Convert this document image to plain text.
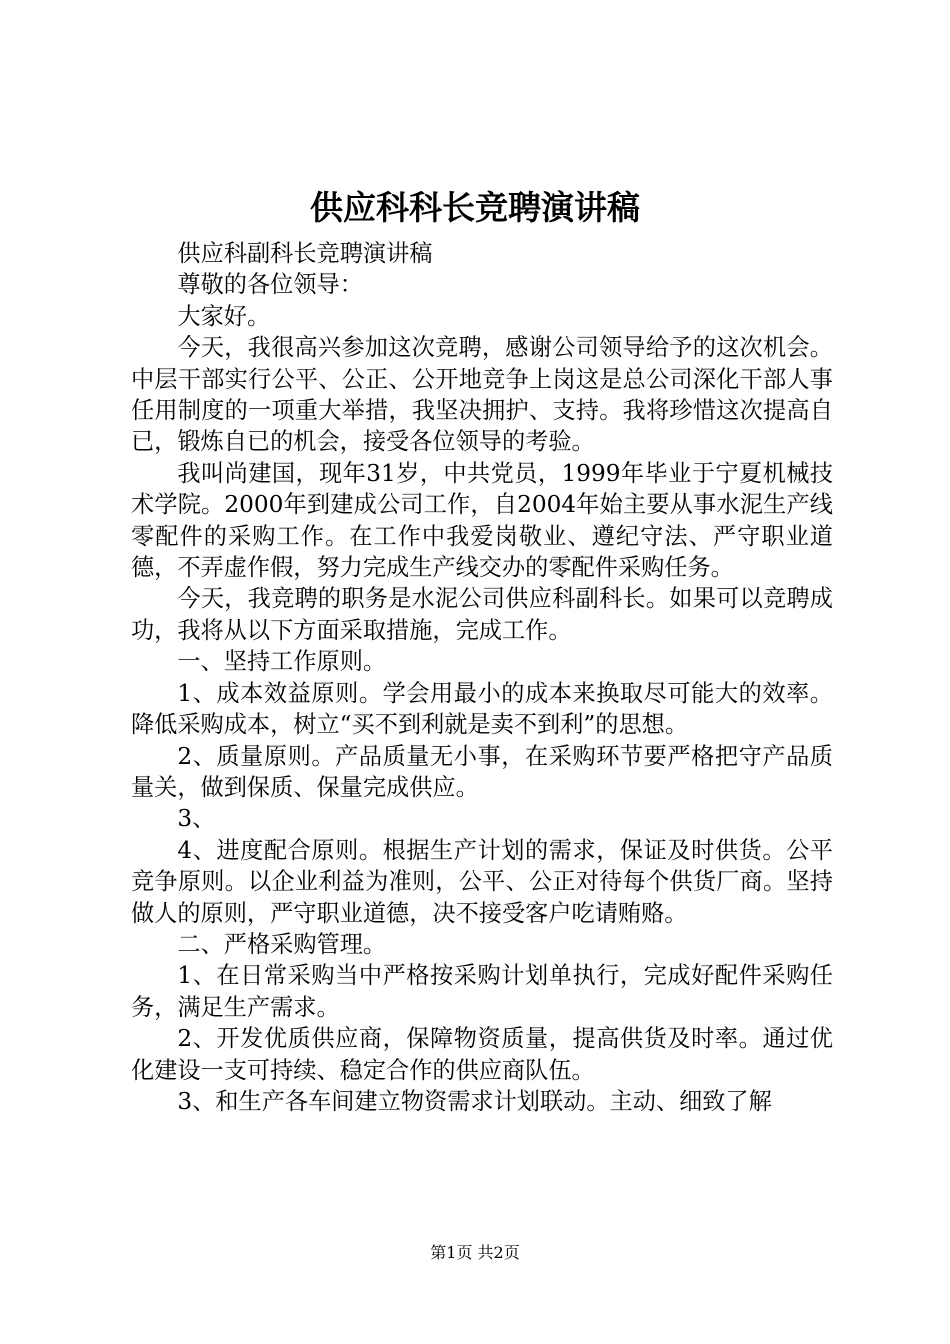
供应科科长竞聘演讲稿

供应科副科长竞聘演讲稿

尊敬的各位领导：

大家好。

今天，我很高兴参加这次竞聘，感谢公司领导给予的这次机会。中层干部实行公平、公正、公开地竞争上岗这是总公司深化干部人事任用制度的一项重大举措，我坚决拥护、支持。我将珍惜这次提高自已，锻炼自已的机会，接受各位领导的考验。

我叫尚建国，现年31岁，中共党员，1999年毕业于宁夏机械技术学院。2000年到建成公司工作，自2004年始主要从事水泥生产线零配件的采购工作。在工作中我爱岗敬业、遵纪守法、严守职业道德，不弄虚作假，努力完成生产线交办的零配件采购任务。

今天，我竞聘的职务是水泥公司供应科副科长。如果可以竞聘成功，我将从以下方面采取措施，完成工作。

一、坚持工作原则。

1、成本效益原则。学会用最小的成本来换取尽可能大的效率。降低采购成本，树立“买不到利就是卖不到利”的思想。

2、质量原则。产品质量无小事，在采购环节要严格把守产品质量关，做到保质、保量完成供应。

3、

4、进度配合原则。根据生产计划的需求，保证及时供货。公平竞争原则。以企业利益为准则，公平、公正对待每个供货厂商。坚持做人的原则，严守职业道德，决不接受客户吃请贿赂。

二、严格采购管理。

1、在日常采购当中严格按采购计划单执行，完成好配件采购任务，满足生产需求。

2、开发优质供应商，保障物资质量，提高供货及时率。通过优化建设一支可持续、稳定合作的供应商队伍。

3、和生产各车间建立物资需求计划联动。主动、细致了解

第1页 共2页
